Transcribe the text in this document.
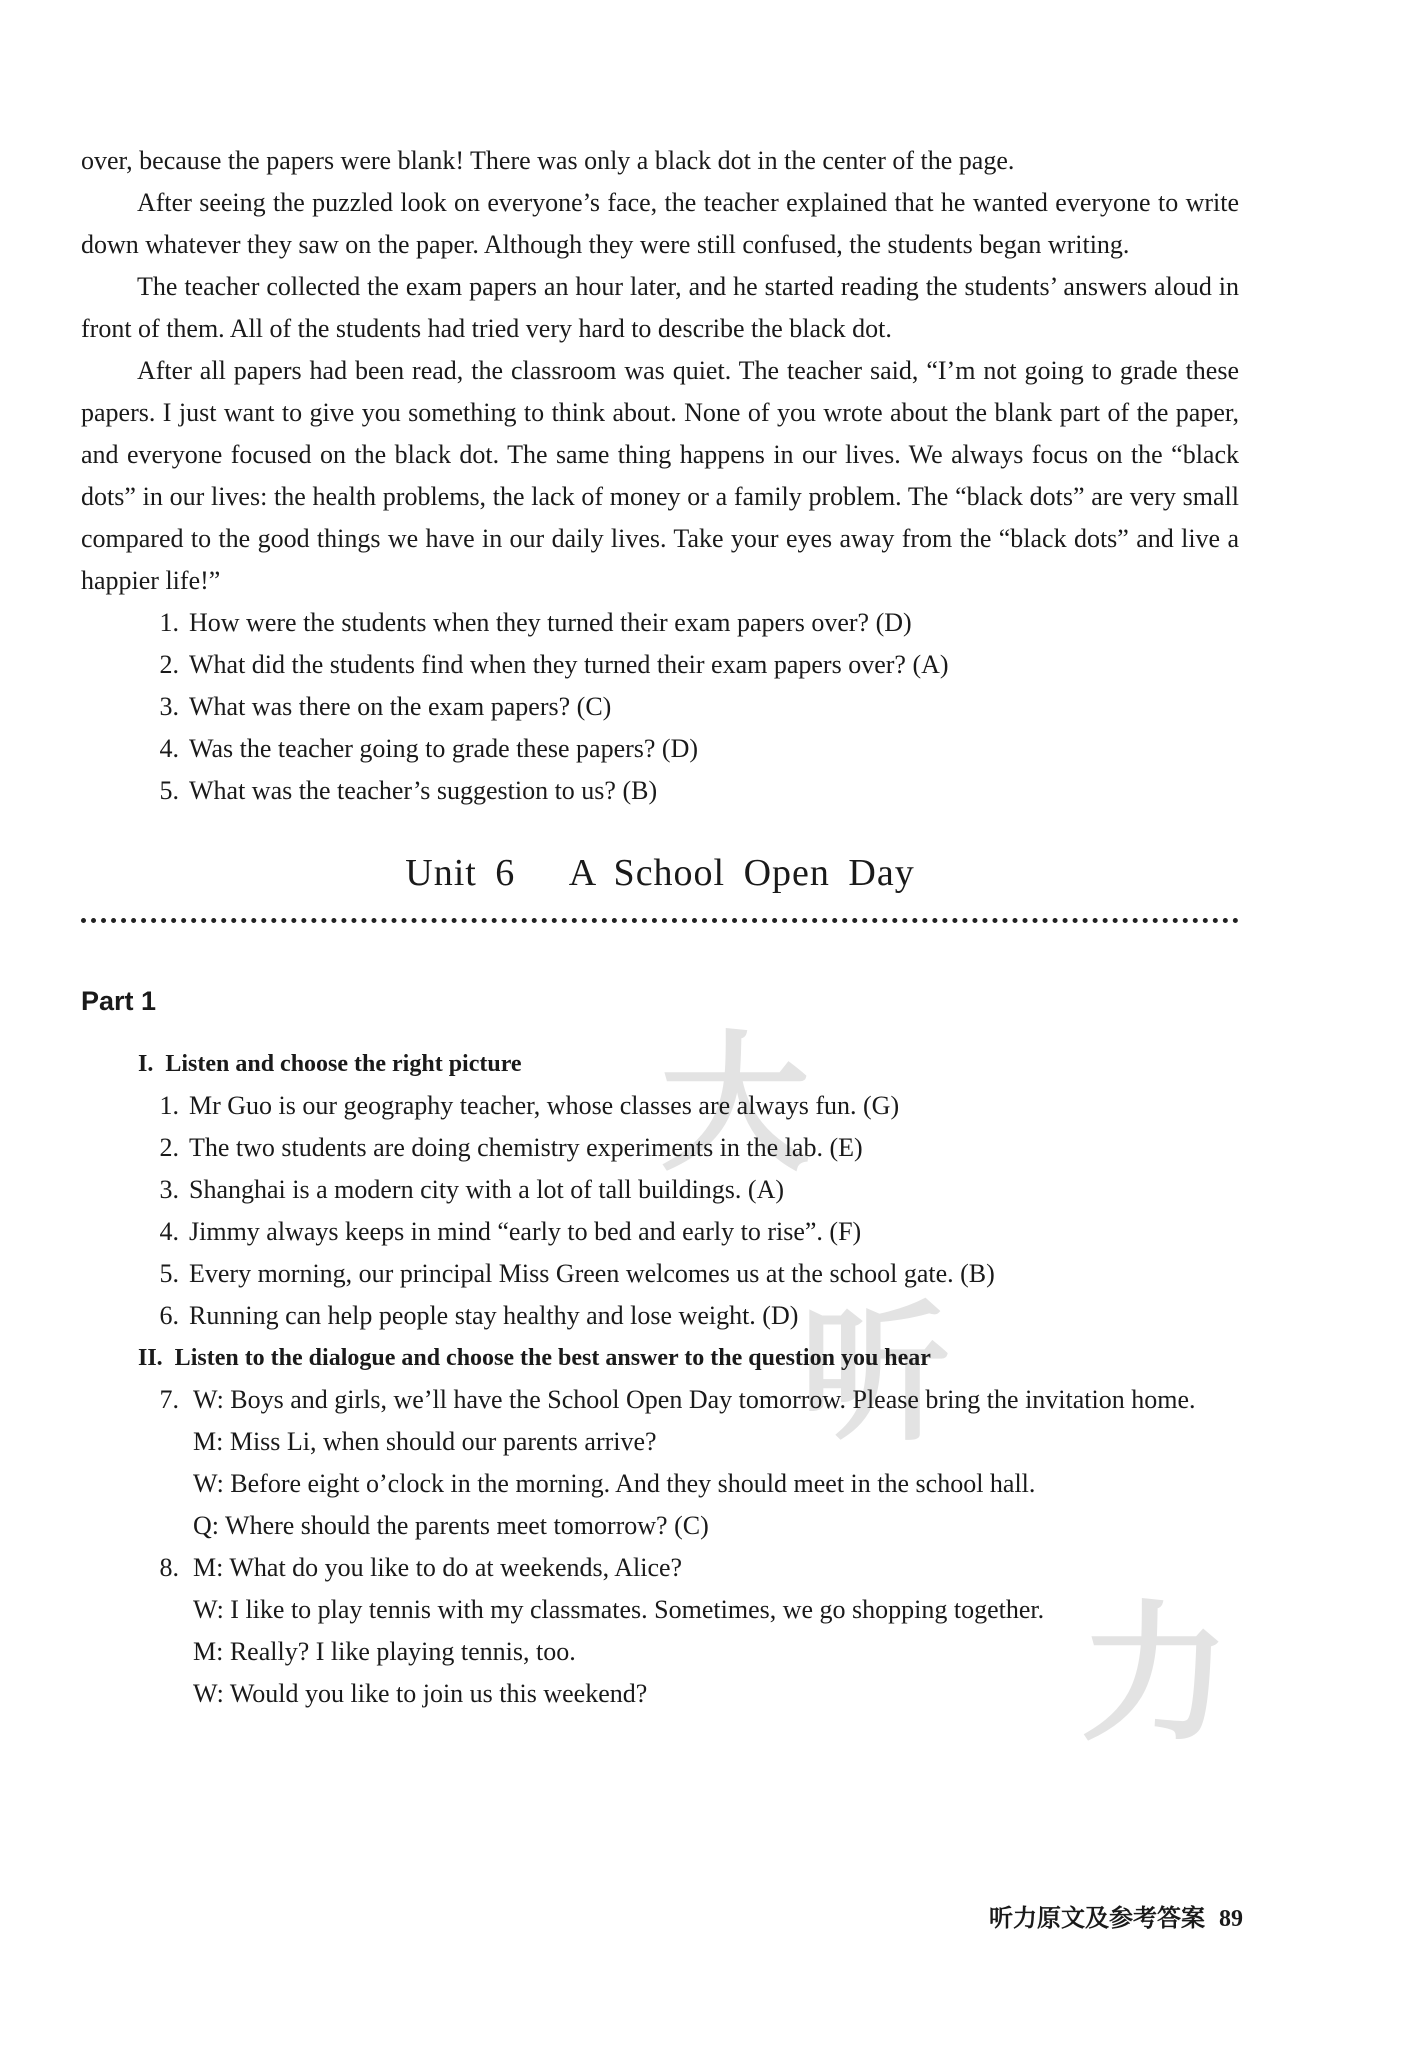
大
听
力

over, because the papers were blank! There was only a black dot in the center of the page.

After seeing the puzzled look on everyone’s face, the teacher explained that he wanted everyone to write down whatever they saw on the paper. Although they were still confused, the students began writing.

The teacher collected the exam papers an hour later, and he started reading the students’ answers aloud in front of them. All of the students had tried very hard to describe the black dot.

After all papers had been read, the classroom was quiet. The teacher said, “I’m not going to grade these papers. I just want to give you something to think about. None of you wrote about the blank part of the paper, and everyone focused on the black dot. The same thing happens in our lives. We always focus on the “black dots” in our lives: the health problems, the lack of money or a family problem. The “black dots” are very small compared to the good things we have in our daily lives. Take your eyes away from the “black dots” and live a happier life!”

1. How were the students when they turned their exam papers over? (D)

2. What did the students find when they turned their exam papers over? (A)

3. What was there on the exam papers? (C)

4. Was the teacher going to grade these papers? (D)

5. What was the teacher’s suggestion to us? (B)

Unit 6   A School Open Day
Part 1

I.  Listen and choose the right picture

1. Mr Guo is our geography teacher, whose classes are always fun. (G)

2. The two students are doing chemistry experiments in the lab. (E)

3. Shanghai is a modern city with a lot of tall buildings. (A)

4. Jimmy always keeps in mind “early to bed and early to rise”. (F)

5. Every morning, our principal Miss Green welcomes us at the school gate. (B)

6. Running can help people stay healthy and lose weight. (D)

II.  Listen to the dialogue and choose the best answer to the question you hear

7. W: Boys and girls, we’ll have the School Open Day tomorrow. Please bring the invitation home.

M: Miss Li, when should our parents arrive?

W: Before eight o’clock in the morning. And they should meet in the school hall.

Q: Where should the parents meet tomorrow? (C)

8. M: What do you like to do at weekends, Alice?

W: I like to play tennis with my classmates. Sometimes, we go shopping together.

M: Really? I like playing tennis, too.

W: Would you like to join us this weekend?

听力原文及参考答案 89
